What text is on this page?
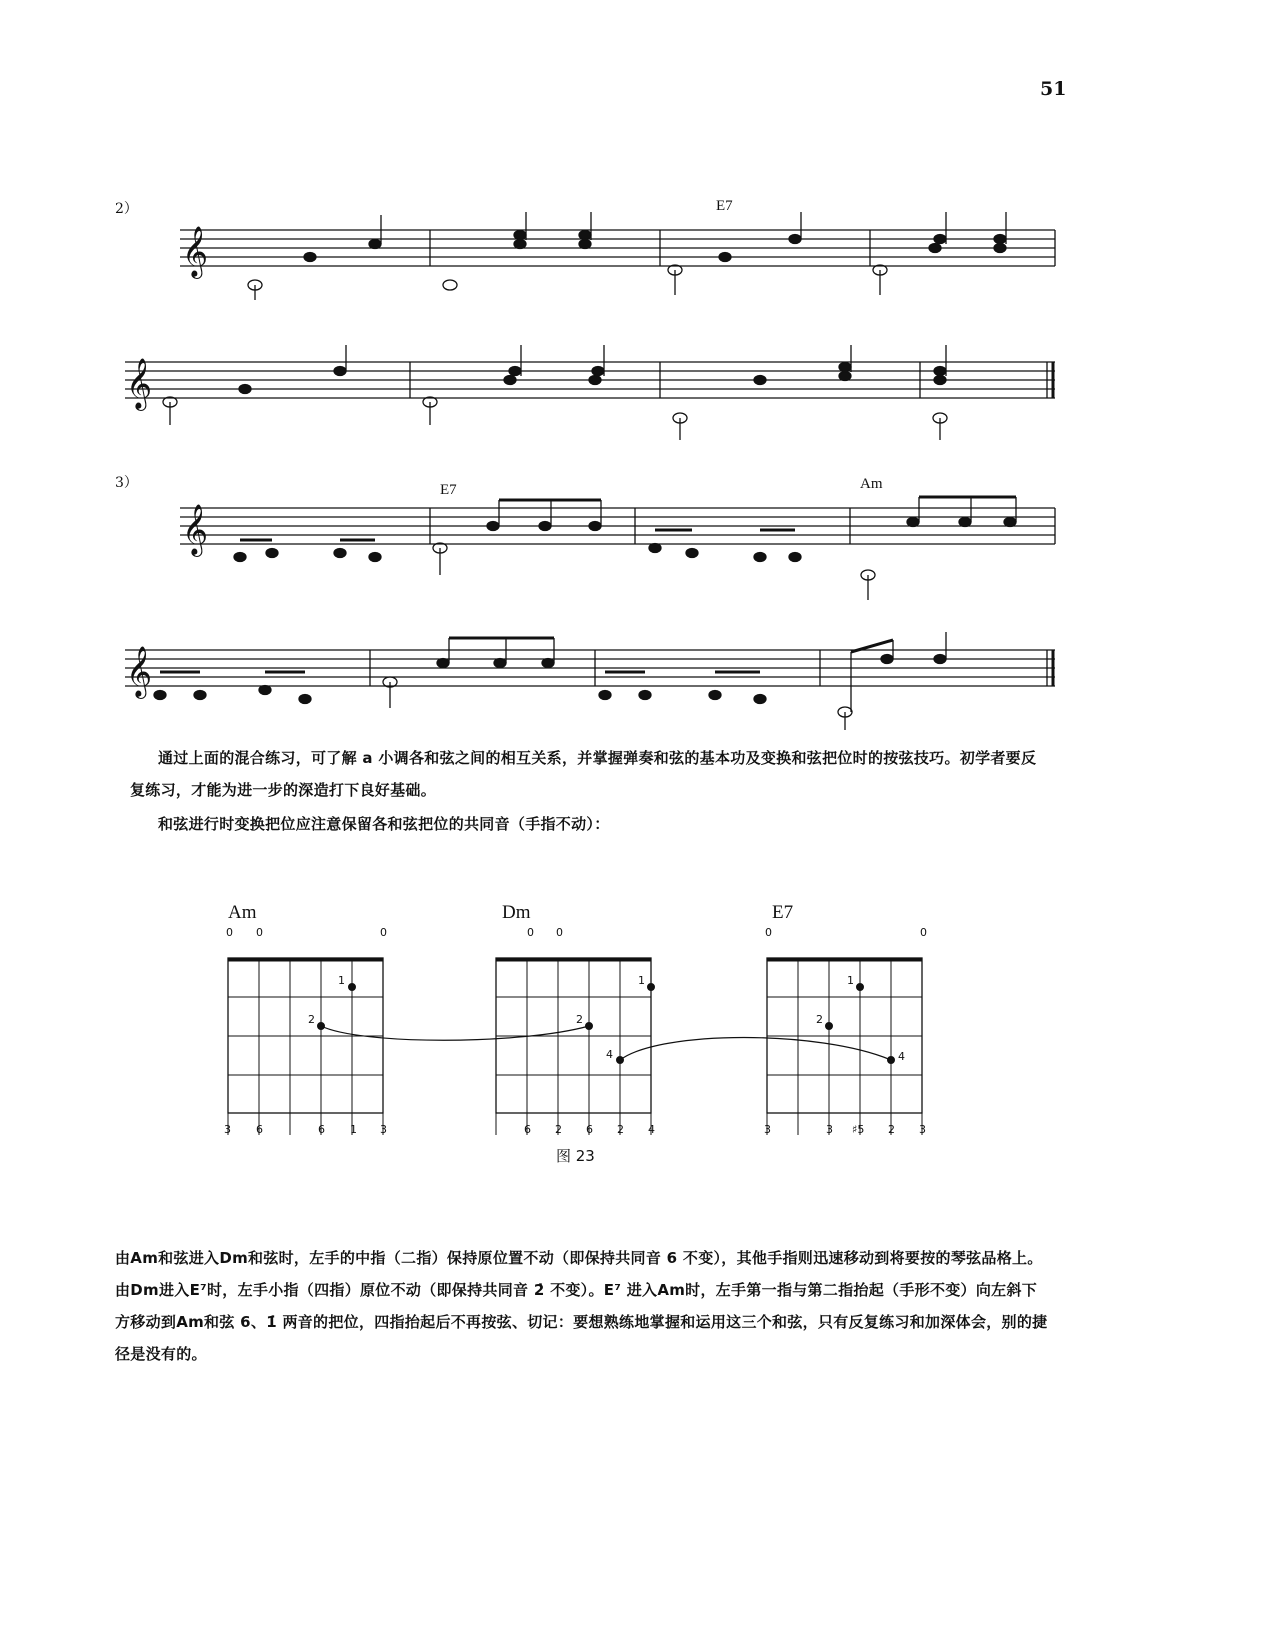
51
2）	E7
3）	E7	Am
𝄞
𝄞
𝄞
𝄞
通过上面的混合练习，可了解 a 小调各和弦之间的相互关系，并掌握弹奏和弦的基本功及变换和弦把位时的按弦技巧。初学者要反复练习，才能为进一步的深造打下良好基础。
和弦进行时变换把位应注意保留各和弦把位的共同音（手指不动）：
Am	Dm	E7
0 0	0
1
2
3 6	6 1 3
0 0
1
2
4
6 2 6 2 4
0	0
1
2
4
3	3 ♯5 2 3
图 23
由Am和弦进入Dm和弦时，左手的中指（二指）保持原位置不动（即保持共同音 6 不变），其他手指则迅速移动到将要按的琴弦品格上。由Dm进入E⁷时，左手小指（四指）原位不动（即保持共同音 2̇ 不变）。E⁷ 进入Am时，左手第一指与第二指抬起（手形不变）向左斜下方移动到Am和弦 6、1̇ 两音的把位，四指抬起后不再按弦、切记：要想熟练地掌握和运用这三个和弦，只有反复练习和加深体会，别的捷径是没有的。
